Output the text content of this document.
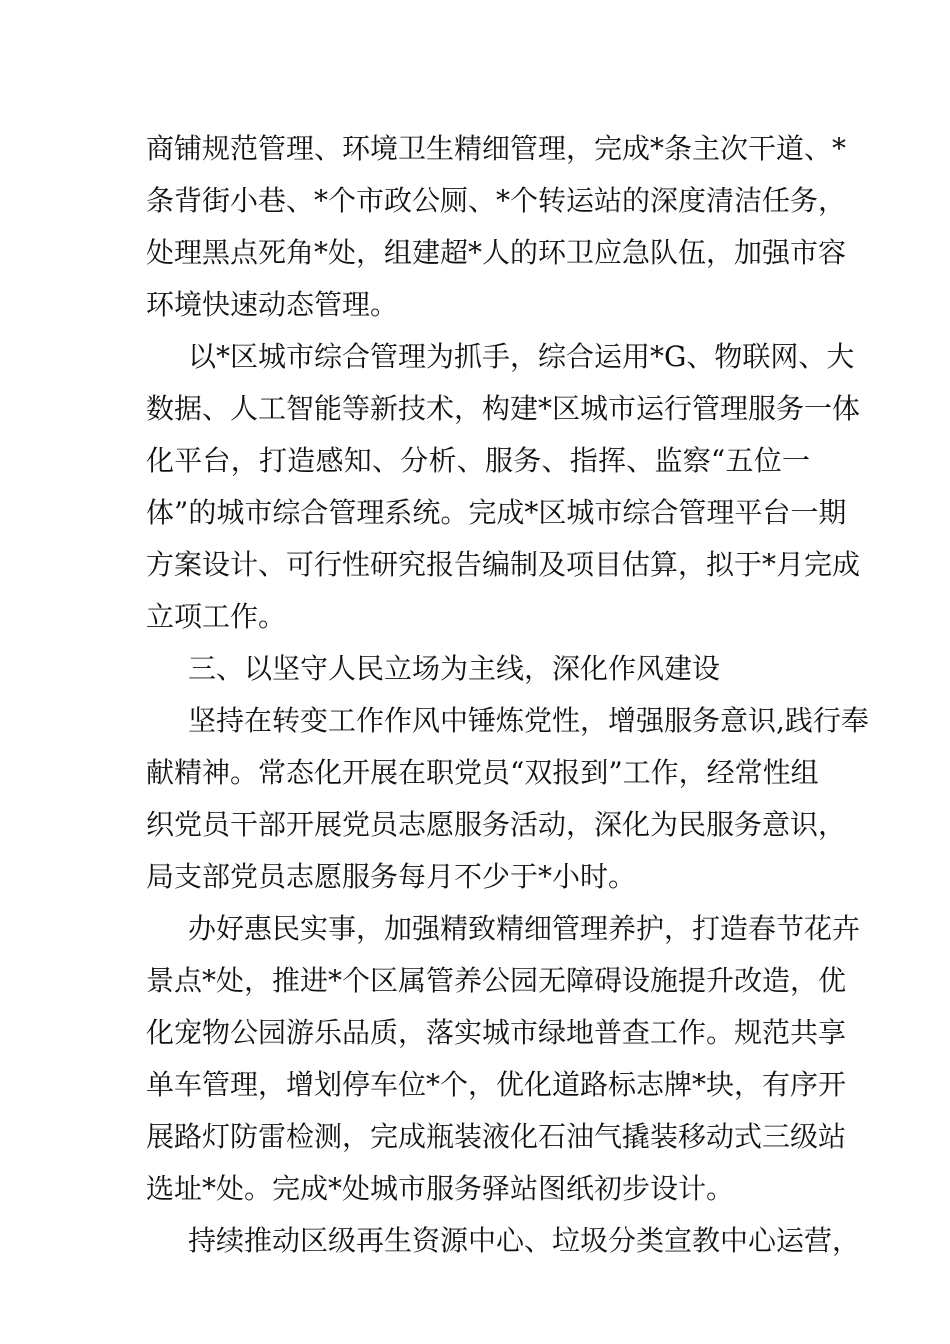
商铺规范管理、环境卫生精细管理，完成*条主次干道、*
条背街小巷、*个市政公厕、*个转运站的深度清洁任务，
处理黑点死角*处，组建超*人的环卫应急队伍，加强市容
环境快速动态管理。
以*区城市综合管理为抓手，综合运用*G、物联网、大
数据、人工智能等新技术，构建*区城市运行管理服务一体
化平台，打造感知、分析、服务、指挥、监察“五位一
体”的城市综合管理系统。完成*区城市综合管理平台一期
方案设计、可行性研究报告编制及项目估算，拟于*月完成
立项工作。
三、以坚守人民立场为主线，深化作风建设
坚持在转变工作作风中锤炼党性，增强服务意识,践行奉
献精神。常态化开展在职党员“双报到”工作，经常性组
织党员干部开展党员志愿服务活动，深化为民服务意识，
局支部党员志愿服务每月不少于*小时。
办好惠民实事，加强精致精细管理养护，打造春节花卉
景点*处，推进*个区属管养公园无障碍设施提升改造，优
化宠物公园游乐品质，落实城市绿地普查工作。规范共享
单车管理，增划停车位*个，优化道路标志牌*块，有序开
展路灯防雷检测，完成瓶装液化石油气撬装移动式三级站
选址*处。完成*处城市服务驿站图纸初步设计。
持续推动区级再生资源中心、垃圾分类宣教中心运营，
